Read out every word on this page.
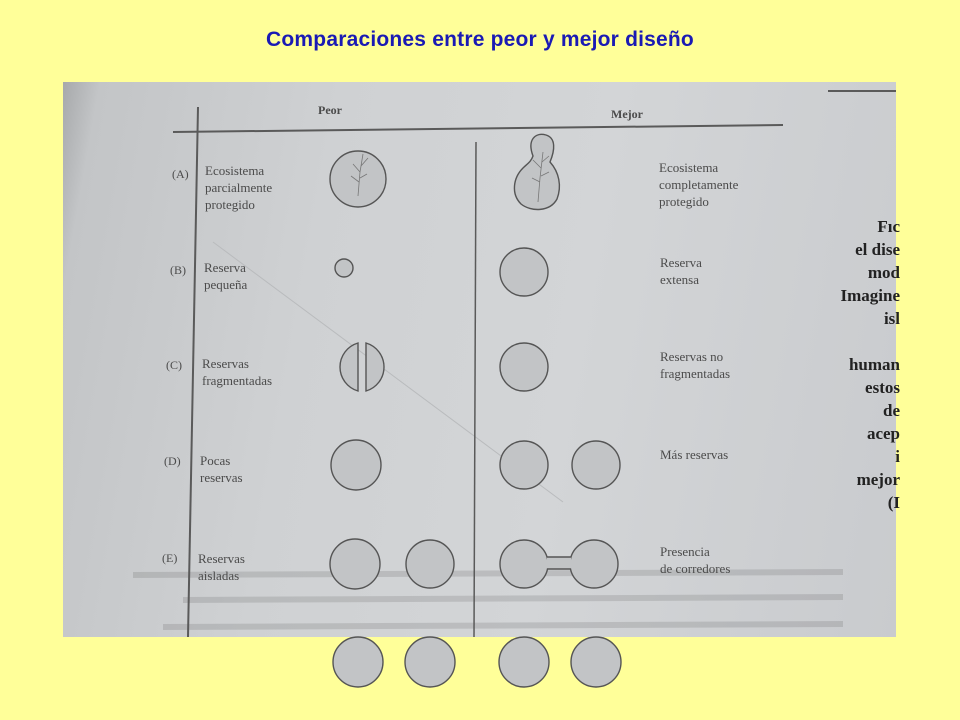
Comparaciones entre peor y mejor diseño
Peor	Mejor
(A) Ecosistema
parcialmente
protegido
Ecosistema
completamente
protegido
(B) Reserva
pequeña
Reserva
extensa
(C) Reservas
fragmentadas
Reservas no
fragmentadas
(D) Pocas
reservas
Más reservas
(E) Reservas
aisladas
Presencia
de corredores
Fıc
el dise
mod
Imagine
isl

human
estos
de
acep
i
mejor
(I
